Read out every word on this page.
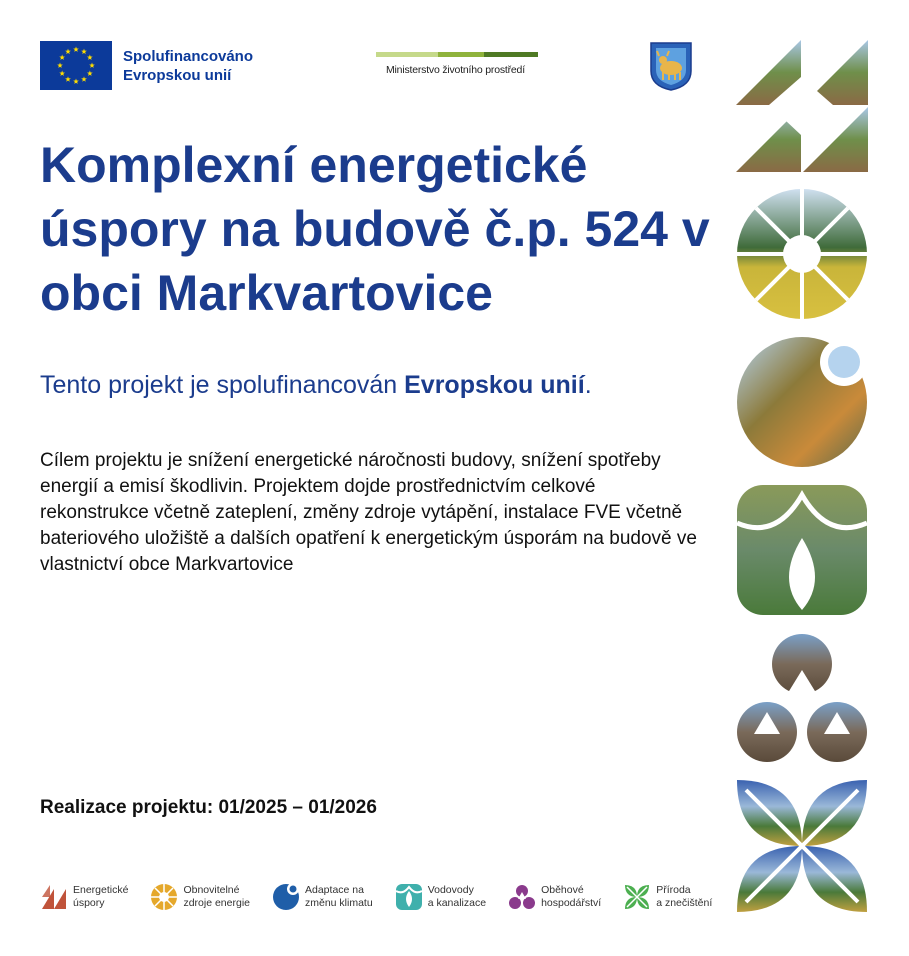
Spolufinancováno
Evropskou unií	Ministerstvo životního prostředí
Komplexní energetické úspory na budově č.p. 524 v obci Markvartovice

Tento projekt je spolufinancován Evropskou unií.

Cílem projektu je snížení energetické náročnosti budovy, snížení spotřeby energií a emisí škodlivin. Projektem dojde prostřednictvím celkové rekonstrukce včetně zateplení, změny zdroje vytápění, instalace FVE včetně bateriového uložiště a dalších opatření k energetickým úsporám na budově ve vlastnictví obce Markvartovice

Realizace projektu: 01/2025 – 01/2026

Energetické
úspory
Obnovitelné
zdroje energie
Adaptace na
změnu klimatu
Vodovody
a kanalizace
Oběhové
hospodářství
Příroda
a znečištění
